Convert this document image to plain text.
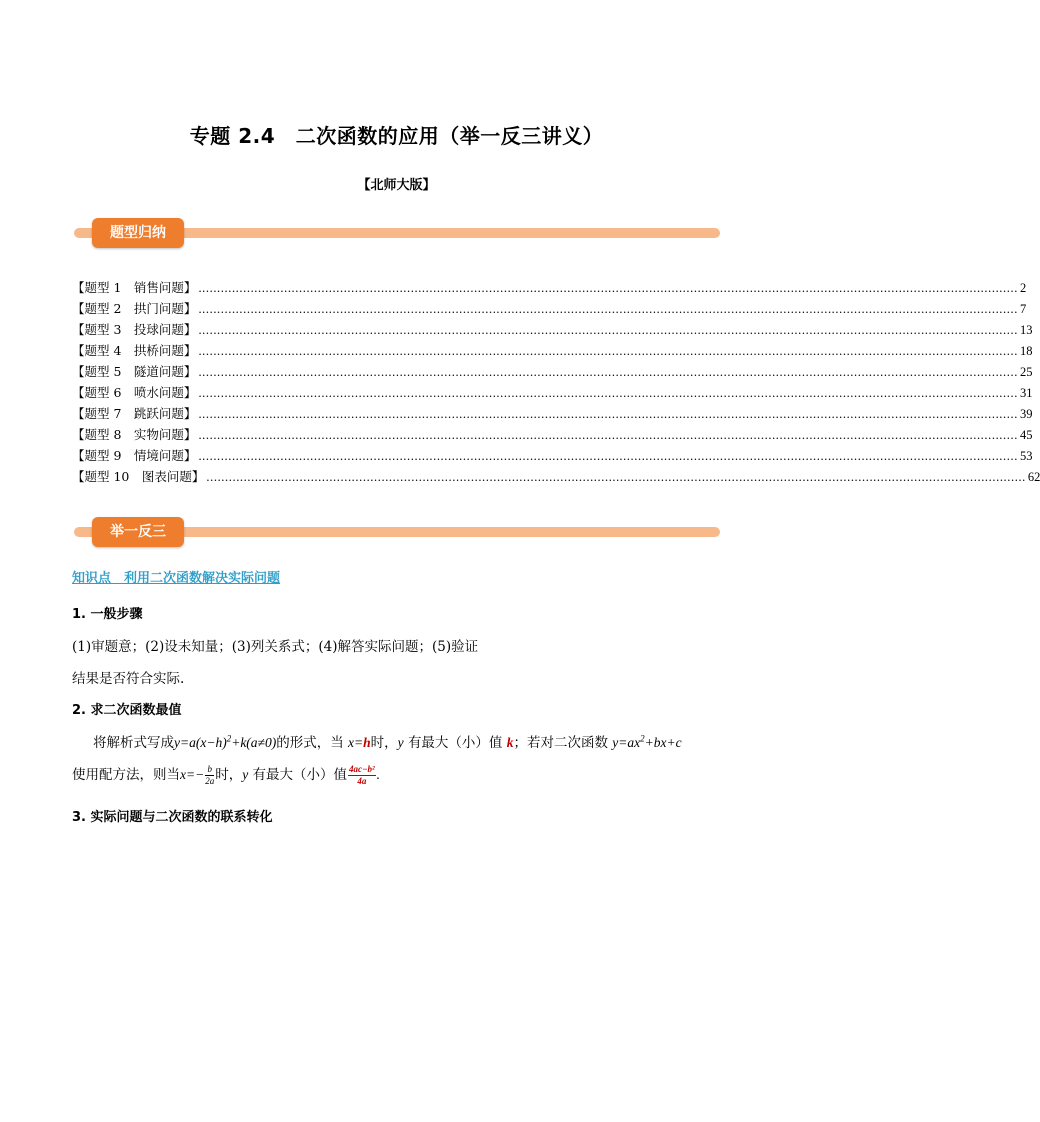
专题 2.4　二次函数的应用（举一反三讲义）
【北师大版】
题型归纳
【题型 1　销售问题】 ............................................................................................................................................................................................................................ 2
【题型 2　拱门问题】 ............................................................................................................................................................................................................................ 7
【题型 3　投球问题】 ............................................................................................................................................................................................................................ 13
【题型 4　拱桥问题】 ............................................................................................................................................................................................................................ 18
【题型 5　隧道问题】 ............................................................................................................................................................................................................................ 25
【题型 6　喷水问题】 ............................................................................................................................................................................................................................ 31
【题型 7　跳跃问题】 ............................................................................................................................................................................................................................ 39
【题型 8　实物问题】 ............................................................................................................................................................................................................................ 45
【题型 9　情境问题】 ............................................................................................................................................................................................................................ 53
【题型 10　图表问题】 ............................................................................................................................................................................................................................ 62
举一反三
知识点　利用二次函数解决实际问题
1. 一般步骤
(1)审题意；(2)设未知量；(3)列关系式；(4)解答实际问题；(5)验证
结果是否符合实际.
2. 求二次函数最值
将解析式写成$y=a(x-h)^2+k(a\ne 0)$的形式，当 x=h时，y 有最大（小）值 k；若对二次函数 $y=ax^2+bx+c$
使用配方法，则当$x=- \frac{b}{2a}$ 时，y 有最大（小）值 $\frac{\text{4ac−b²}}{4a}$ .
3. 实际问题与二次函数的联系转化
